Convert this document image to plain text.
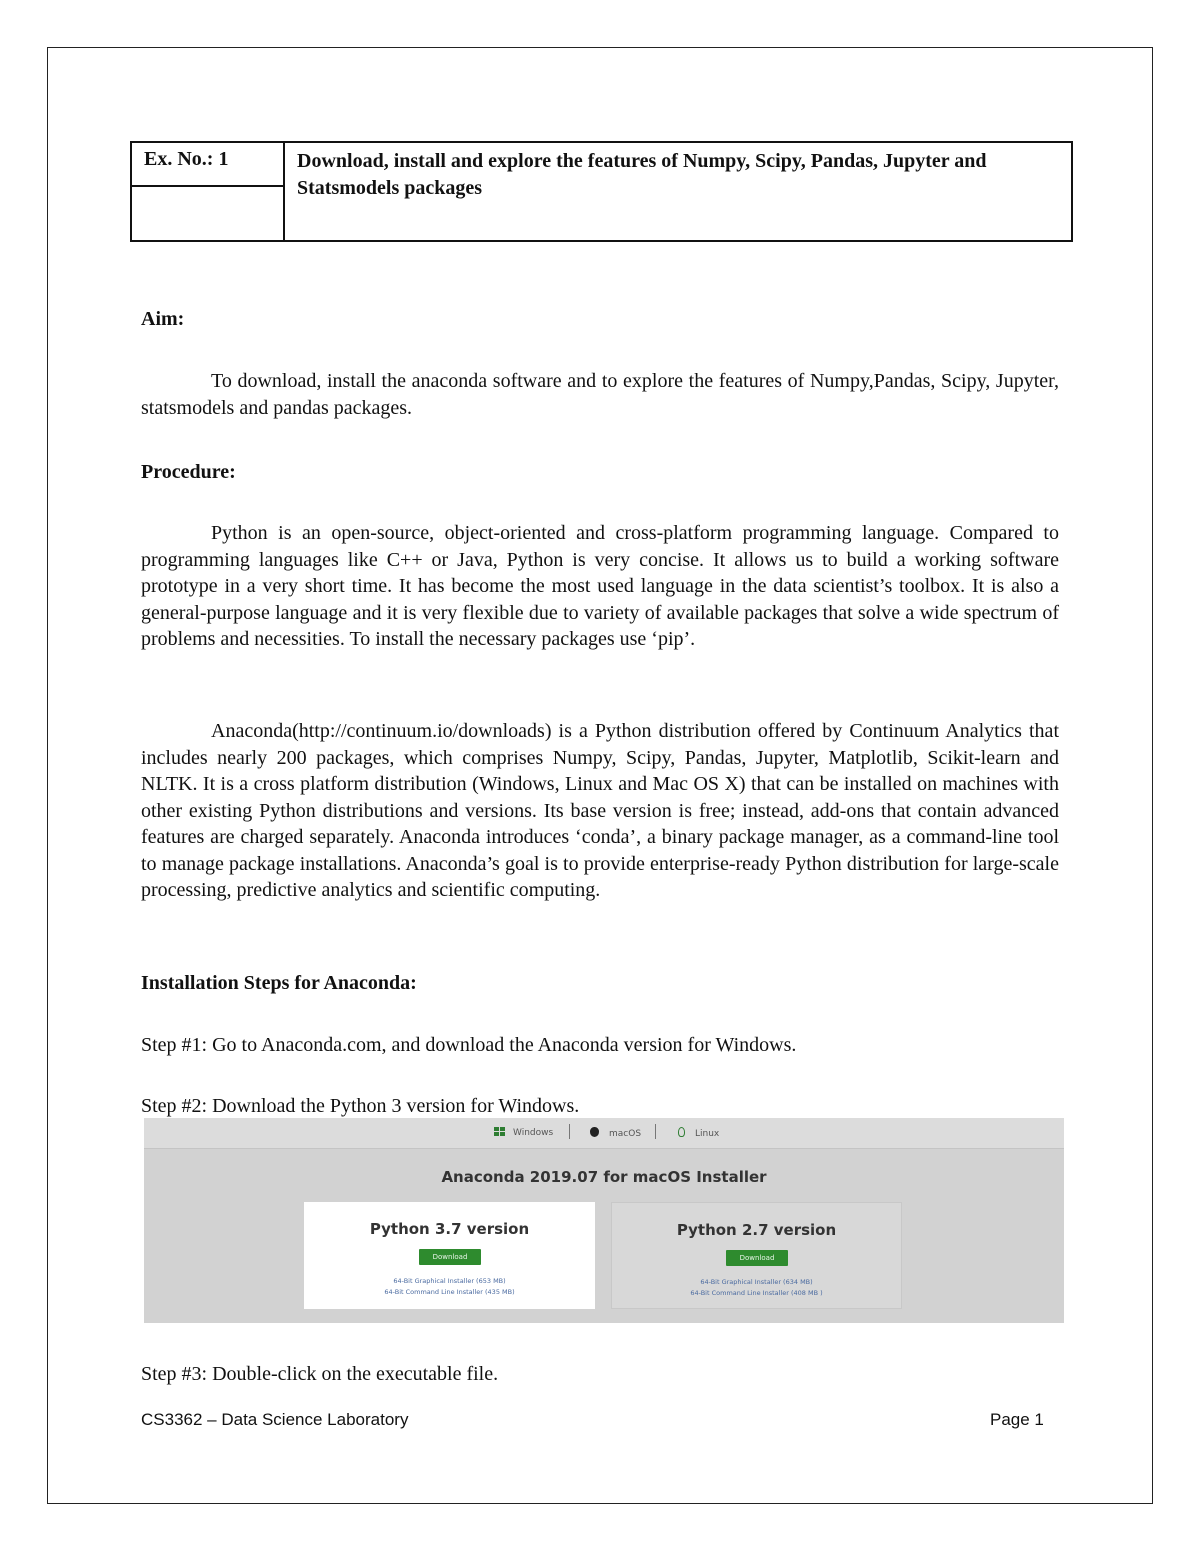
Ex. No.: 1	Download, install and explore the features of Numpy, Scipy, Pandas, Jupyter and Statsmodels packages
Aim:

To download, install the anaconda software and to explore the features of Numpy,Pandas, Scipy, Jupyter, statsmodels and pandas packages.

Procedure:

Python is an open-source, object-oriented and cross-platform programming language. Compared to programming languages like C++ or Java, Python is very concise. It allows us to build a working software prototype in a very short time. It has become the most used language in the data scientist’s toolbox. It is also a general-purpose language and it is very flexible due to variety of available packages that solve a wide spectrum of problems and necessities. To install the necessary packages use ‘pip’.

Anaconda(http://continuum.io/downloads) is a Python distribution offered by Continuum Analytics that includes nearly 200 packages, which comprises Numpy, Scipy, Pandas, Jupyter, Matplotlib, Scikit-learn and NLTK. It is a cross platform distribution (Windows, Linux and Mac OS X) that can be installed on machines with other existing Python distributions and versions. Its base version is free; instead, add-ons that contain advanced features are charged separately. Anaconda introduces ‘conda’, a binary package manager, as a command-line tool to manage package installations. Anaconda’s goal is to provide enterprise-ready Python distribution for large-scale processing, predictive analytics and scientific computing.

Installation Steps for Anaconda:
Step #1: Go to Anaconda.com, and download the Anaconda version for Windows.
Step #2: Download the Python 3 version for Windows.
Windows	macOS	Linux
Anaconda 2019.07 for macOS Installer
Python 3.7 version
Download
64-Bit Graphical Installer (653 MB)
64-Bit Command Line Installer (435 MB)
Python 2.7 version
Download
64-Bit Graphical Installer (634 MB)
64-Bit Command Line Installer (408 MB )
Step #3: Double-click on the executable file.
CS3362 – Data Science Laboratory	Page 1
